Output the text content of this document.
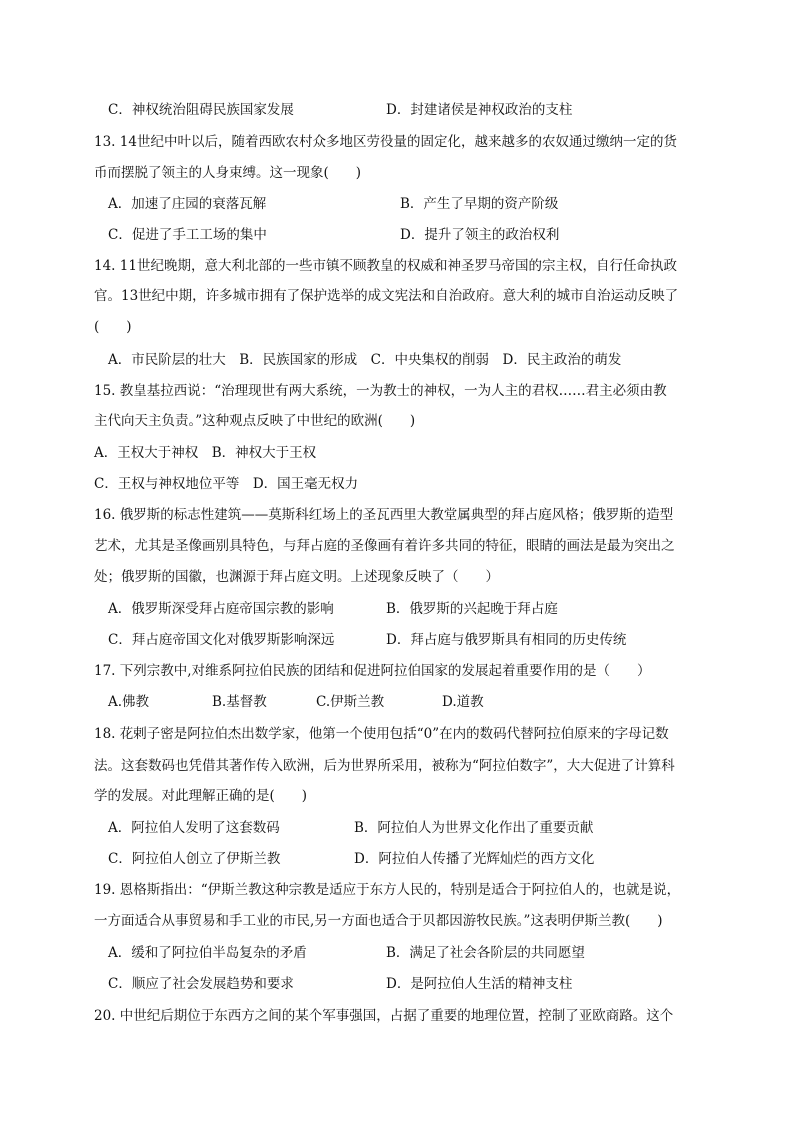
C．神权统治阻碍民族国家发展	D．封建诸侯是神权政治的支柱
13. 14世纪中叶以后，随着西欧农村众多地区劳役量的固定化，越来越多的农奴通过缴纳一定的货
币而摆脱了领主的人身束缚。这一现象(　　)
A．加速了庄园的衰落瓦解	B．产生了早期的资产阶级
C．促进了手工工场的集中	D．提升了领主的政治权利
14. 11世纪晚期，意大利北部的一些市镇不顾教皇的权威和神圣罗马帝国的宗主权，自行任命执政
官。13世纪中期，许多城市拥有了保护选举的成文宪法和自治政府。意大利的城市自治运动反映了
(　　)
A．市民阶层的壮大　B．民族国家的形成　C．中央集权的削弱　D．民主政治的萌发
15. 教皇基拉西说：“治理现世有两大系统，一为教士的神权，一为人主的君权……君主必须由教
主代向天主负责。”这种观点反映了中世纪的欧洲(　　)
A．王权大于神权　B．神权大于王权
C．王权与神权地位平等　D．国王毫无权力
16. 俄罗斯的标志性建筑——莫斯科红场上的圣瓦西里大教堂属典型的拜占庭风格；俄罗斯的造型
艺术，尤其是圣像画别具特色，与拜占庭的圣像画有着许多共同的特征，眼睛的画法是最为突出之
处；俄罗斯的国徽，也渊源于拜占庭文明。上述现象反映了（　　）
A．俄罗斯深受拜占庭帝国宗教的影响	B．俄罗斯的兴起晚于拜占庭
C．拜占庭帝国文化对俄罗斯影响深远	D．拜占庭与俄罗斯具有相同的历史传统
17. 下列宗教中,对维系阿拉伯民族的团结和促进阿拉伯国家的发展起着重要作用的是（　　）
A.佛教	B.基督教	C.伊斯兰教	D.道教
18. 花剌子密是阿拉伯杰出数学家，他第一个使用包括“0”在内的数码代替阿拉伯原来的字母记数
法。这套数码也凭借其著作传入欧洲，后为世界所采用，被称为“阿拉伯数字”，大大促进了计算科
学的发展。对此理解正确的是(　　)
A．阿拉伯人发明了这套数码	B．阿拉伯人为世界文化作出了重要贡献
C．阿拉伯人创立了伊斯兰教	D．阿拉伯人传播了光辉灿烂的西方文化
19. 恩格斯指出：“伊斯兰教这种宗教是适应于东方人民的，特别是适合于阿拉伯人的，也就是说，
一方面适合从事贸易和手工业的市民,另一方面也适合于贝都因游牧民族。”这表明伊斯兰教(　　)
A．缓和了阿拉伯半岛复杂的矛盾	B．满足了社会各阶层的共同愿望
C．顺应了社会发展趋势和要求	D．是阿拉伯人生活的精神支柱
20. 中世纪后期位于东西方之间的某个军事强国，占据了重要的地理位置，控制了亚欧商路。这个
